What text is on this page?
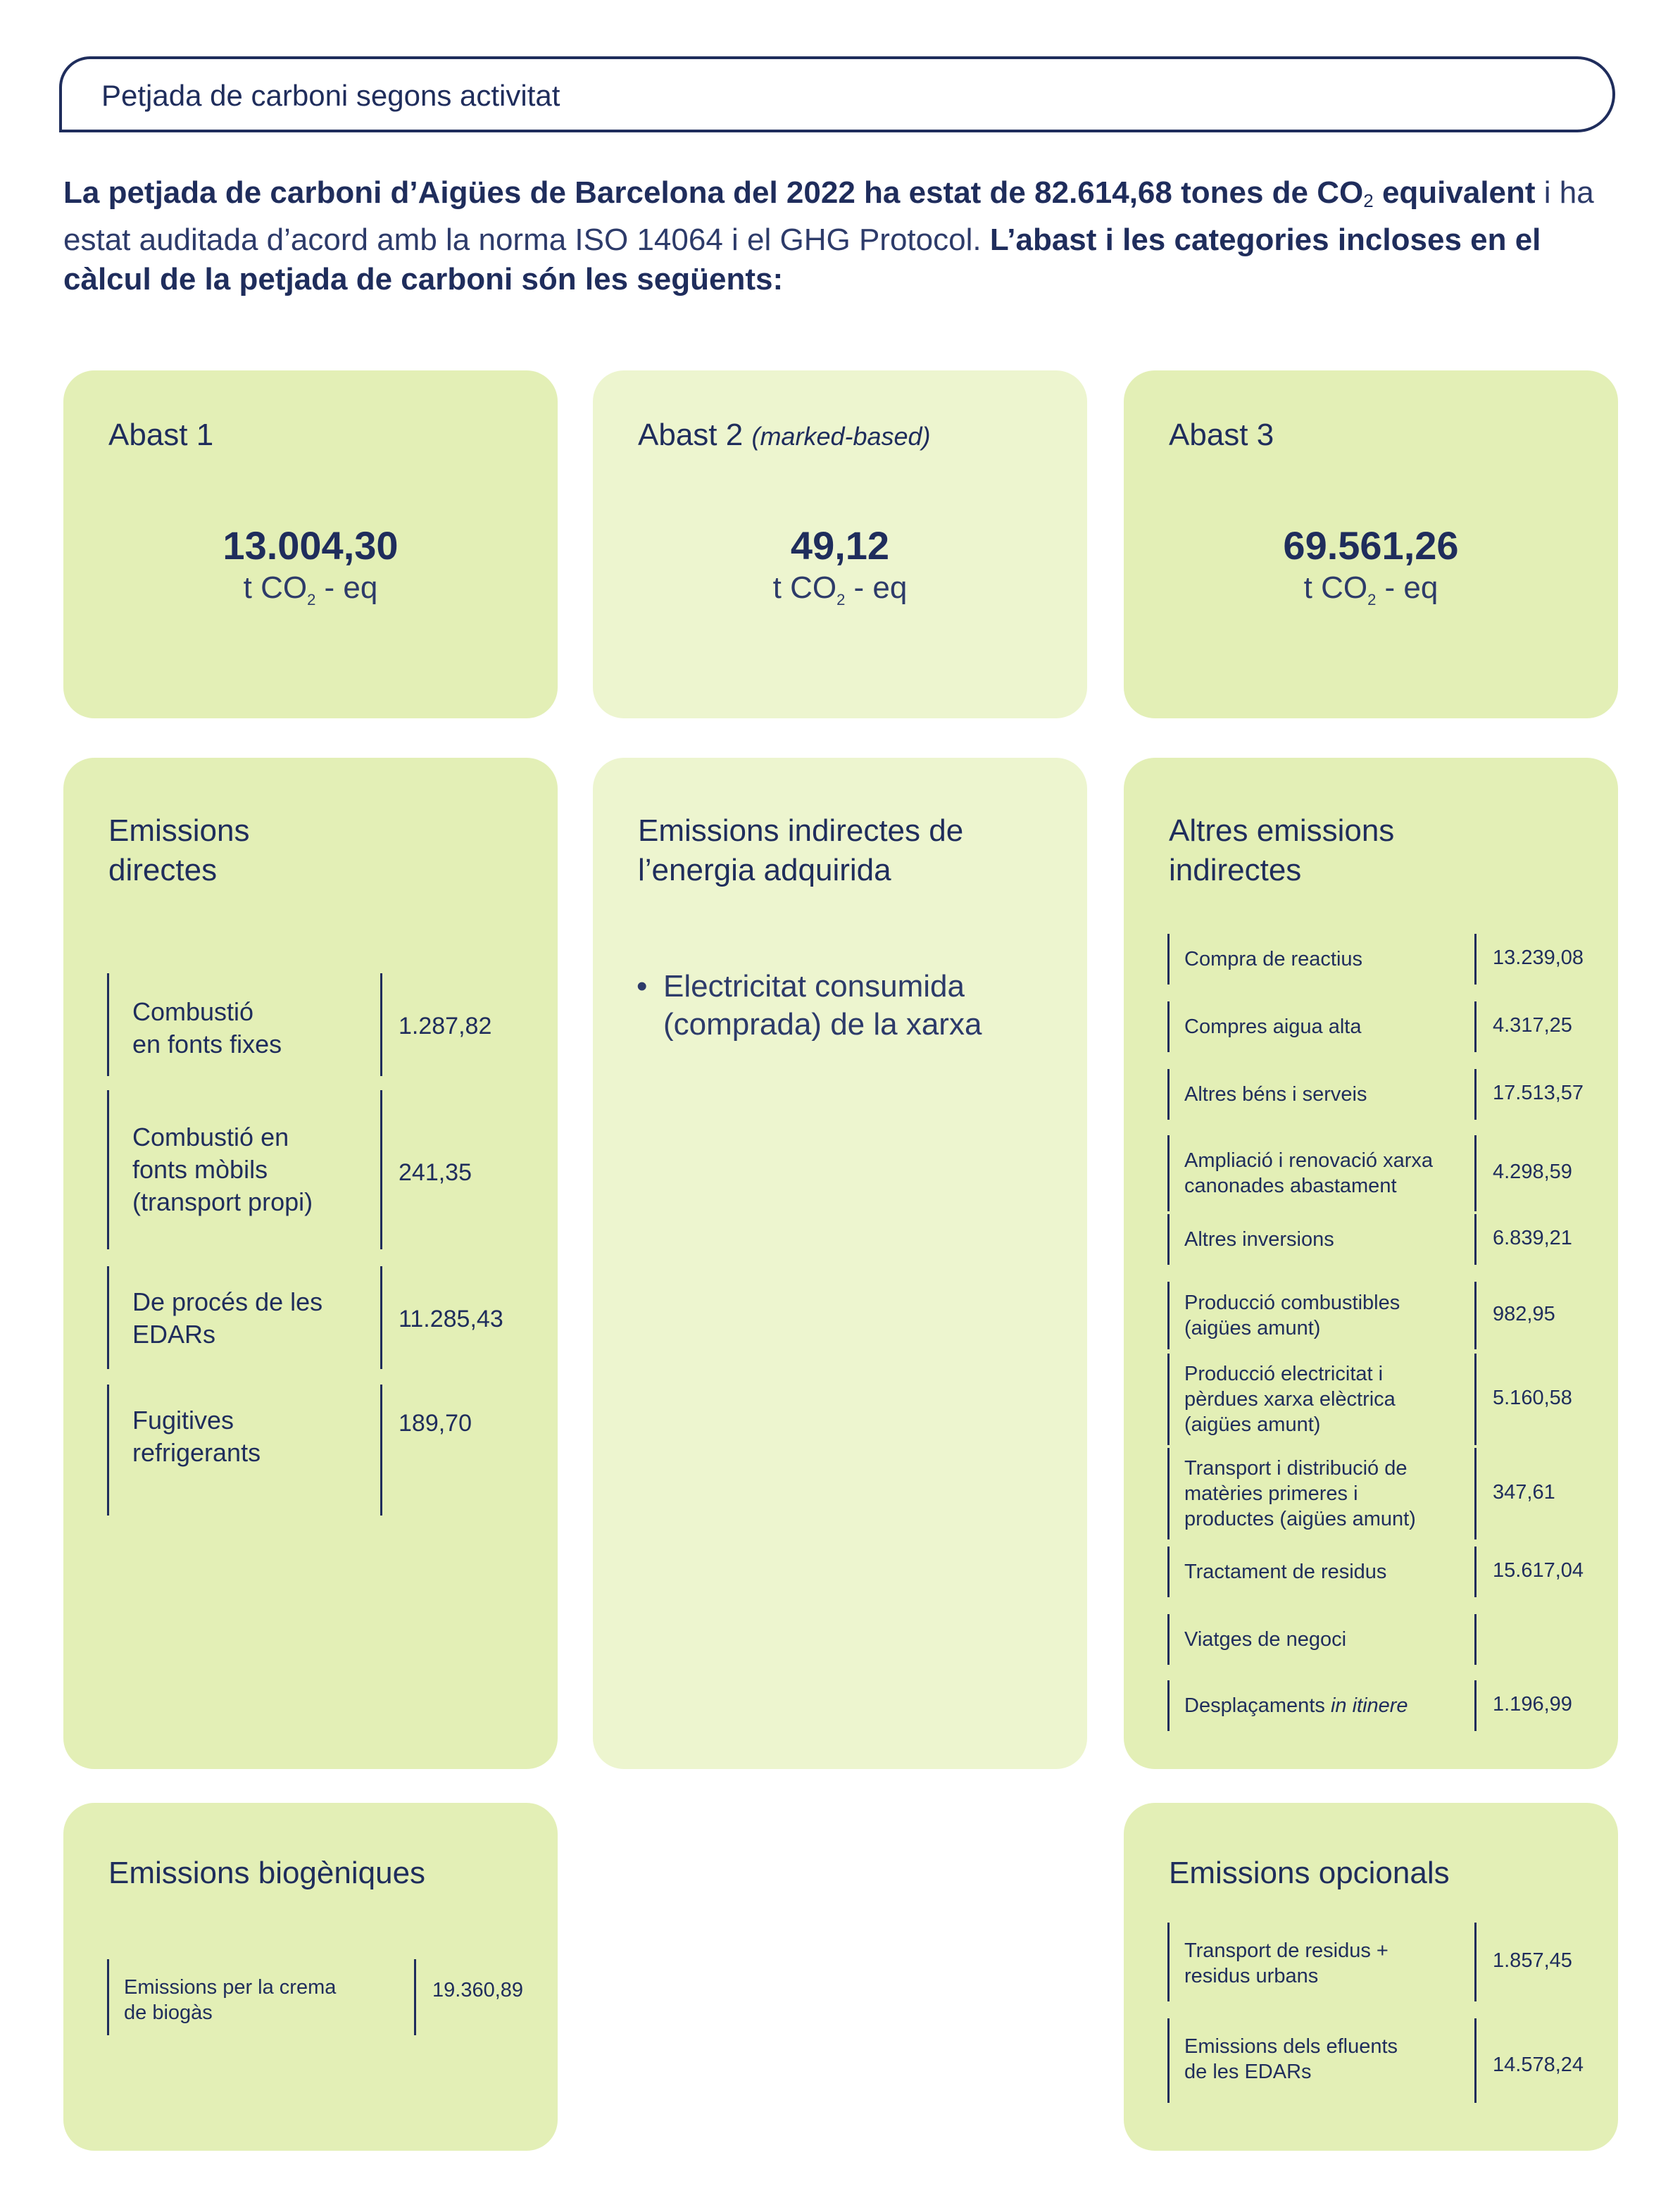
Petjada de carboni segons activitat
La petjada de carboni d’Aigües de Barcelona del 2022 ha estat de 82.614,68 tones de $CO_2$ equivalent i ha estat auditada d’acord amb la norma ISO 14064 i el GHG Protocol. L’abast i les categories incloses en el càlcul de la petjada de carboni són les següents:
Abast 1
13.004,30
t $CO_2$ - eq
Abast 2 (marked-based)
49,12
t $CO_2$ - eq
Abast 3
69.561,26
t $CO_2$ - eq
Emissions
directes
Combustió
en fonts fixes
1.287,82
Combustió en
fonts mòbils
(transport propi)
241,35
De procés de les
EDARs
11.285,43
Fugitives
refrigerants
189,70
Emissions indirectes de
l’energia adquirida
• Electricitat consumida
(comprada) de la xarxa
Altres emissions
indirectes
Compra de reactius	13.239,08
Compres aigua alta	4.317,25
Altres béns i serveis	17.513,57
Ampliació i renovació xarxa
canonades abastament
4.298,59
Altres inversions	6.839,21
Producció combustibles
(aigües amunt)
982,95
Producció electricitat i
pèrdues xarxa elèctrica
(aigües amunt)
5.160,58
Transport i distribució de
matèries primeres i
productes (aigües amunt)
347,61
Tractament de residus	15.617,04
Viatges de negoci
Desplaçaments in itinere	1.196,99
Emissions biogèniques
Emissions per la crema
de biogàs
19.360,89
Emissions opcionals
Transport de residus +
residus urbans
1.857,45
Emissions dels efluents
de les EDARs	14.578,24
